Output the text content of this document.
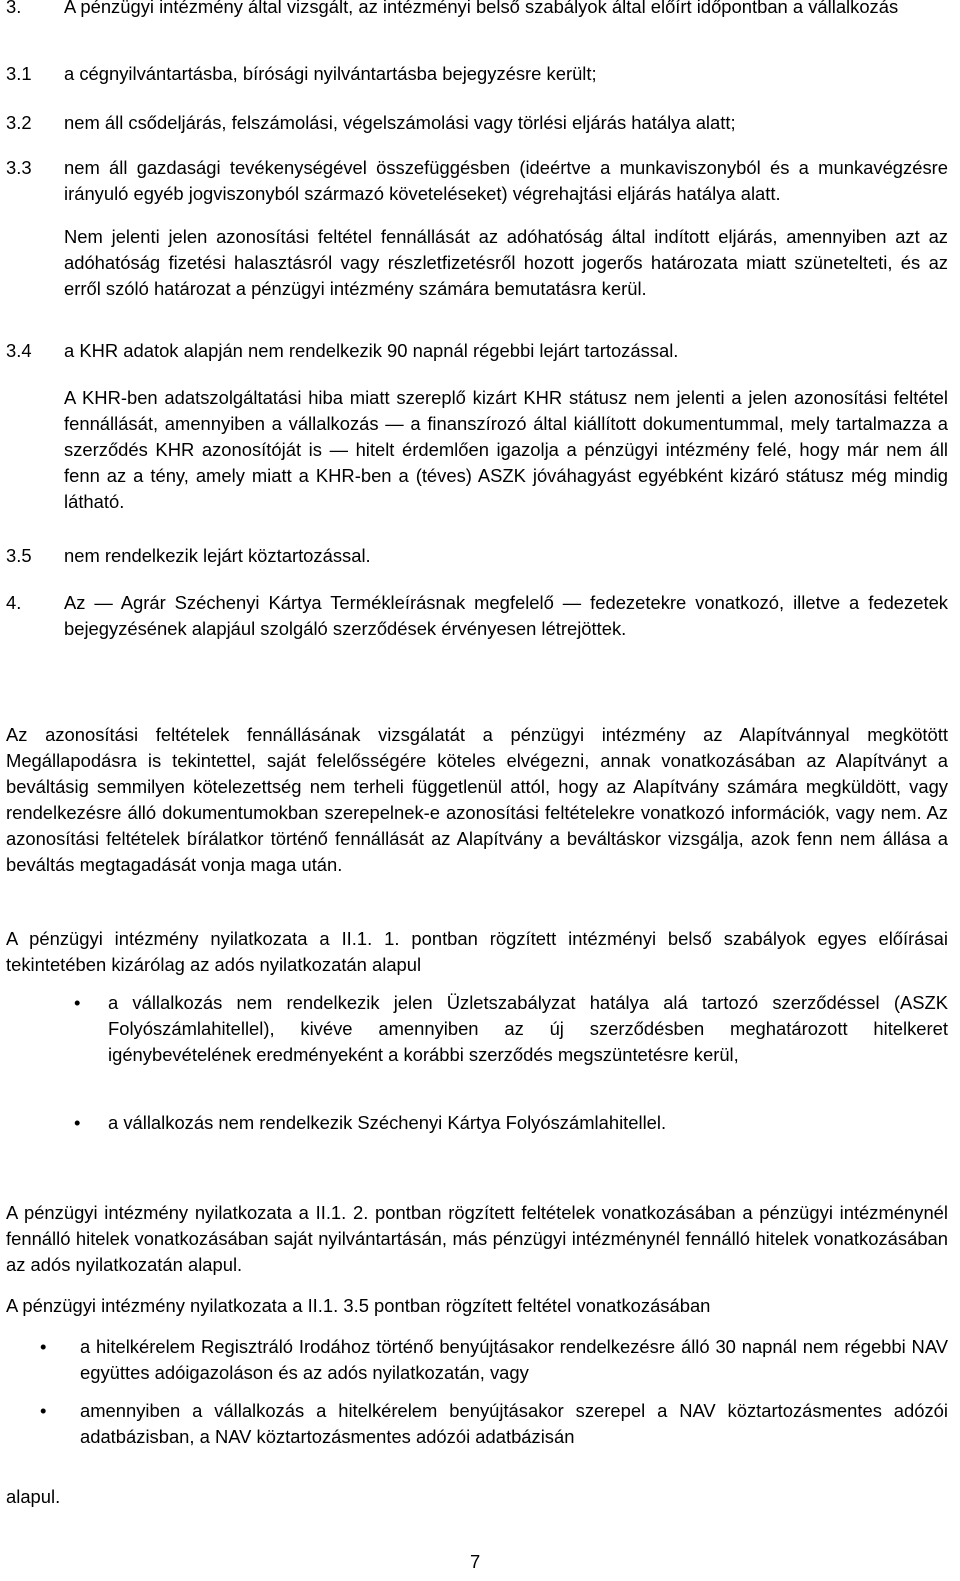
3.	A pénzügyi intézmény által vizsgált, az intézményi belső szabályok által előírt időpontban a vállalkozás
3.1	a cégnyilvántartásba, bírósági nyilvántartásba bejegyzésre került;
3.2	nem áll csődeljárás, felszámolási, végelszámolási vagy törlési eljárás hatálya alatt;
3.3	nem áll gazdasági tevékenységével összefüggésben (ideértve a munkaviszonyból és a munkavégzésre irányuló egyéb jogviszonyból származó követeléseket) végrehajtási eljárás hatálya alatt.
Nem jelenti jelen azonosítási feltétel fennállását az adóhatóság által indított eljárás, amennyiben azt az adóhatóság fizetési halasztásról vagy részletfizetésről hozott jogerős határozata miatt szünetelteti, és az erről szóló határozat a pénzügyi intézmény számára bemutatásra kerül.
3.4	a KHR adatok alapján nem rendelkezik 90 napnál régebbi lejárt tartozással.
A KHR-ben adatszolgáltatási hiba miatt szereplő kizárt KHR státusz nem jelenti a jelen azonosítási feltétel fennállását, amennyiben a vállalkozás — a finanszírozó által kiállított dokumentummal, mely tartalmazza a szerződés KHR azonosítóját is — hitelt érdemlően igazolja a pénzügyi intézmény felé, hogy már nem áll fenn az a tény, amely miatt a KHR-ben a (téves) ASZK jóváhagyást egyébként kizáró státusz még mindig látható.
3.5	nem rendelkezik lejárt köztartozással.
4.	Az — Agrár Széchenyi Kártya Termékleírásnak megfelelő — fedezetekre vonatkozó, illetve a fedezetek bejegyzésének alapjául szolgáló szerződések érvényesen létrejöttek.
Az azonosítási feltételek fennállásának vizsgálatát a pénzügyi intézmény az Alapítvánnyal megkötött Megállapodásra is tekintettel, saját felelősségére köteles elvégezni, annak vonatkozásában az Alapítványt a beváltásig semmilyen kötelezettség nem terheli függetlenül attól, hogy az Alapítvány számára megküldött, vagy rendelkezésre álló dokumentumokban szerepelnek-e azonosítási feltételekre vonatkozó információk, vagy nem. Az azonosítási feltételek bírálatkor történő fennállását az Alapítvány a beváltáskor vizsgálja, azok fenn nem állása a beváltás megtagadását vonja maga után.
A pénzügyi intézmény nyilatkozata a II.1. 1. pontban rögzített intézményi belső szabályok egyes előírásai tekintetében kizárólag az adós nyilatkozatán alapul
• a vállalkozás nem rendelkezik jelen Üzletszabályzat hatálya alá tartozó szerződéssel (ASZK Folyószámlahitellel), kivéve amennyiben az új szerződésben meghatározott hitelkeret igénybevételének eredményeként a korábbi szerződés megszüntetésre kerül,
• a vállalkozás nem rendelkezik Széchenyi Kártya Folyószámlahitellel.
A pénzügyi intézmény nyilatkozata a II.1. 2. pontban rögzített feltételek vonatkozásában a pénzügyi intézménynél fennálló hitelek vonatkozásában saját nyilvántartásán, más pénzügyi intézménynél fennálló hitelek vonatkozásában az adós nyilatkozatán alapul.
A pénzügyi intézmény nyilatkozata a II.1. 3.5 pontban rögzített feltétel vonatkozásában
• a hitelkérelem Regisztráló Irodához történő benyújtásakor rendelkezésre álló 30 napnál nem régebbi NAV együttes adóigazoláson és az adós nyilatkozatán, vagy
• amennyiben a vállalkozás a hitelkérelem benyújtásakor szerepel a NAV köztartozásmentes adózói adatbázisban, a NAV köztartozásmentes adózói adatbázisán
alapul.
7
